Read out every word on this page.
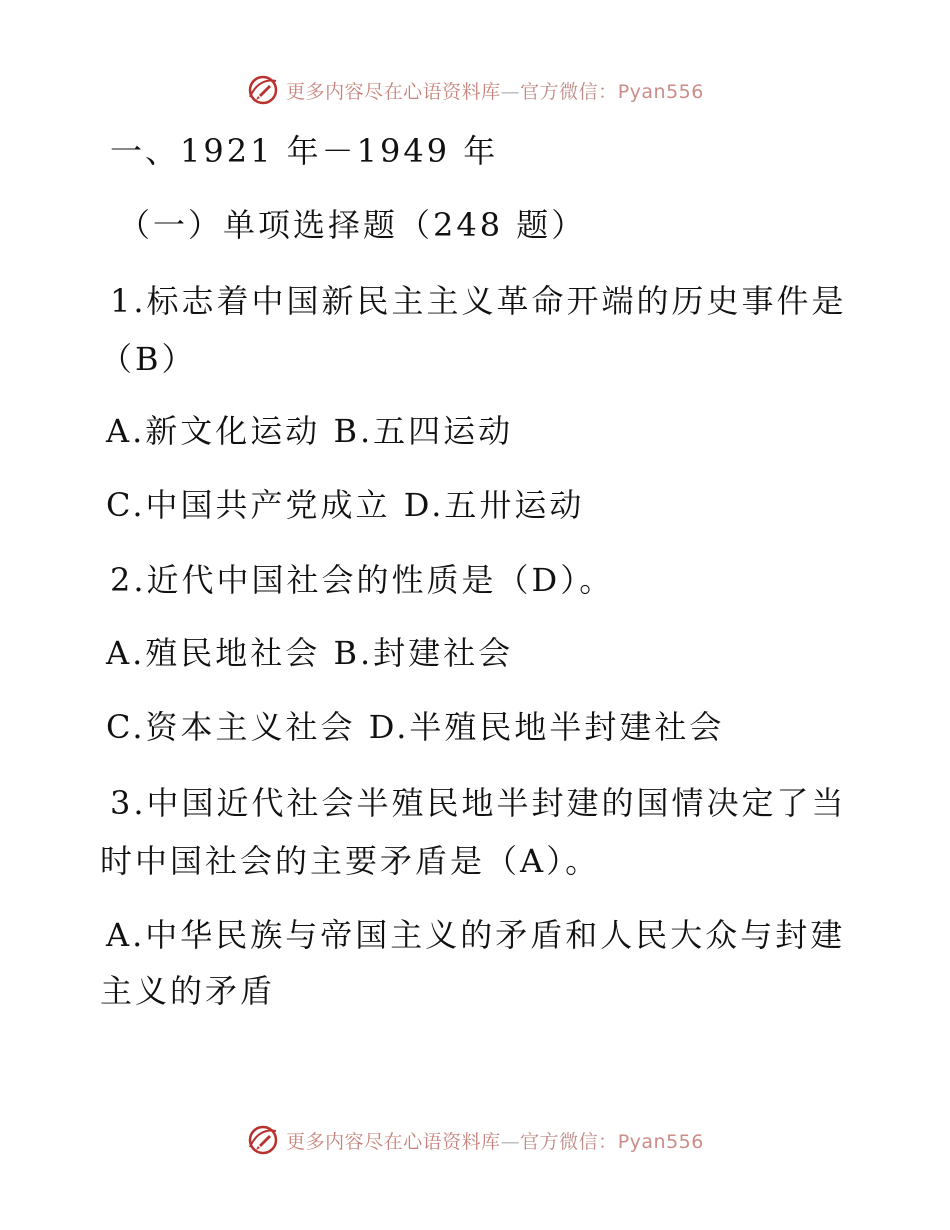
更多内容尽在心语资料库—官方微信：Pyan556
一、1921 年－1949 年
（一）单项选择题（248 题）
1.标志着中国新民主主义革命开端的历史事件是
（B）
A.新文化运动 B.五四运动
C.中国共产党成立 D.五卅运动
2.近代中国社会的性质是（D）。
A.殖民地社会 B.封建社会
C.资本主义社会 D.半殖民地半封建社会
3.中国近代社会半殖民地半封建的国情决定了当
时中国社会的主要矛盾是（A）。
A.中华民族与帝国主义的矛盾和人民大众与封建
主义的矛盾
更多内容尽在心语资料库—官方微信：Pyan556
